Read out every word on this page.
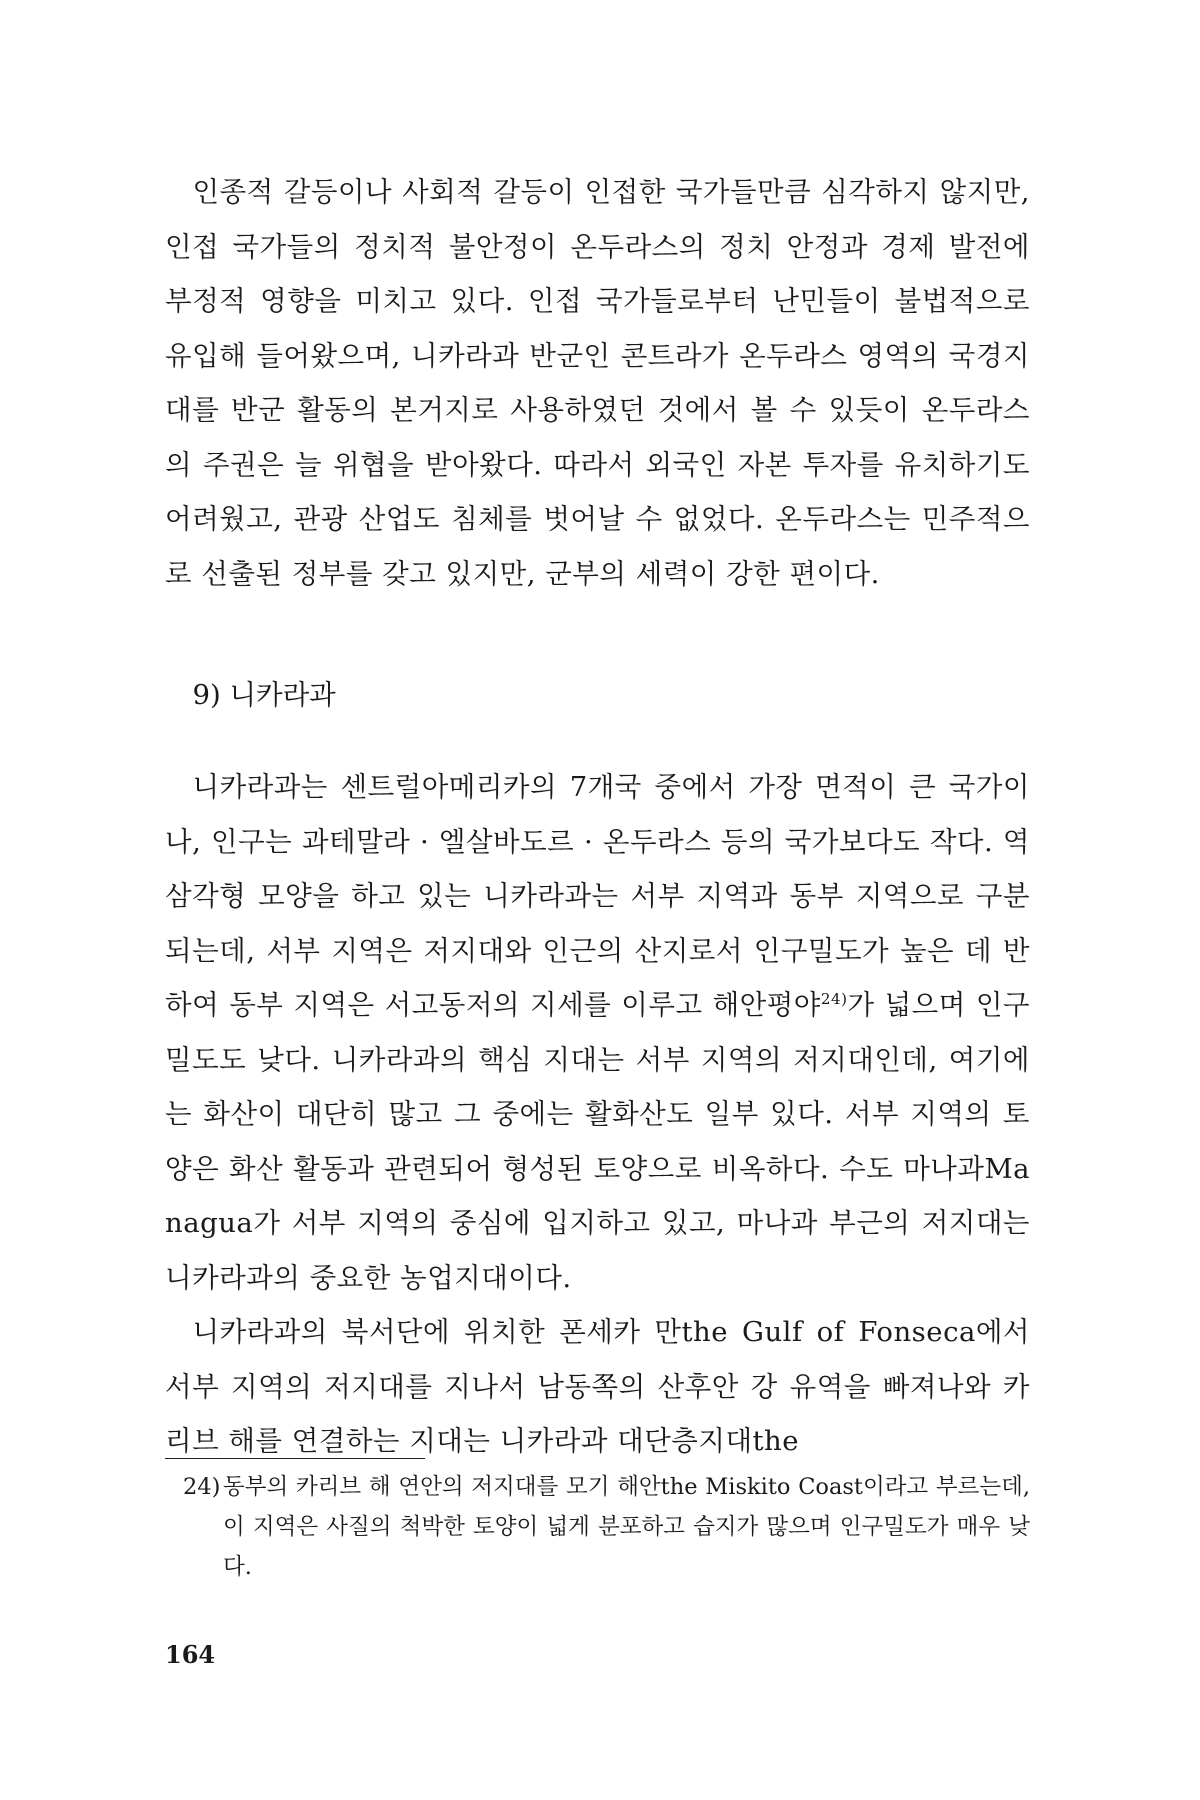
인종적 갈등이나 사회적 갈등이 인접한 국가들만큼 심각하지 않지만, 인접 국가들의 정치적 불안정이 온두라스의 정치 안정과 경제 발전에 부정적 영향을 미치고 있다. 인접 국가들로부터 난민들이 불법적으로 유입해 들어왔으며, 니카라과 반군인 콘트라가 온두라스 영역의 국경지대를 반군 활동의 본거지로 사용하였던 것에서 볼 수 있듯이 온두라스의 주권은 늘 위협을 받아왔다. 따라서 외국인 자본 투자를 유치하기도 어려웠고, 관광 산업도 침체를 벗어날 수 없었다. 온두라스는 민주적으로 선출된 정부를 갖고 있지만, 군부의 세력이 강한 편이다.

9) 니카라과

니카라과는 센트럴아메리카의 7개국 중에서 가장 면적이 큰 국가이나, 인구는 과테말라 · 엘살바도르 · 온두라스 등의 국가보다도 작다. 역삼각형 모양을 하고 있는 니카라과는 서부 지역과 동부 지역으로 구분되는데, 서부 지역은 저지대와 인근의 산지로서 인구밀도가 높은 데 반하여 동부 지역은 서고동저의 지세를 이루고 해안평야$^{24)}$가 넓으며 인구밀도도 낮다. 니카라과의 핵심 지대는 서부 지역의 저지대인데, 여기에는 화산이 대단히 많고 그 중에는 활화산도 일부 있다. 서부 지역의 토양은 화산 활동과 관련되어 형성된 토양으로 비옥하다. 수도 마나과Managua가 서부 지역의 중심에 입지하고 있고, 마나과 부근의 저지대는 니카라과의 중요한 농업지대이다.

니카라과의 북서단에 위치한 폰세카 만the Gulf of Fonseca에서 서부 지역의 저지대를 지나서 남동쪽의 산후안 강 유역을 빠져나와 카리브 해를 연결하는 지대는 니카라과 대단층지대the

24) 동부의 카리브 해 연안의 저지대를 모기 해안the Miskito Coast이라고 부르는데, 이 지역은 사질의 척박한 토양이 넓게 분포하고 습지가 많으며 인구밀도가 매우 낮다.

164
